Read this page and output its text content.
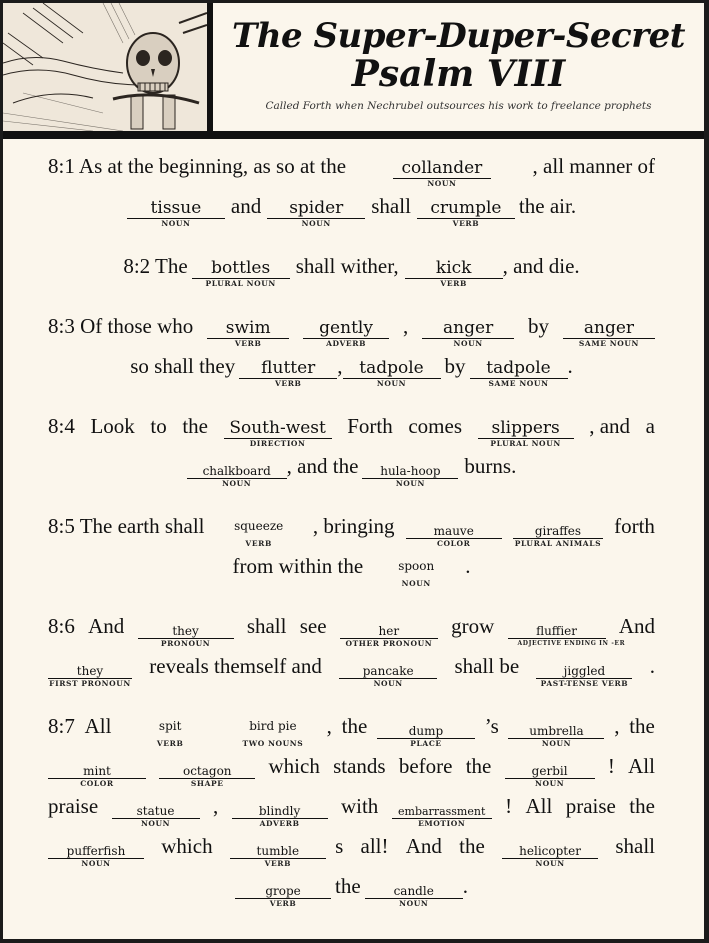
The Super-Duper-Secret
Psalm VIII
Called Forth when Nechrubel outsources his work to freelance prophets
8:1 As at the beginning, as so at the	collander
NOUN
, all manner of
tissue
NOUN
and	spider
NOUN
shall	crumple
VERB
the air.
8:2 The	bottles
PLURAL NOUN
shall wither,	kick
VERB
, and die.
8:3 Of those who	swim
VERB
gently
ADVERB
,	anger
NOUN
by	anger
SAME NOUN
so shall they	flutter
VERB
, tadpole
NOUN
by	tadpole
SAME NOUN
.
8:4 Look to the	South-west
DIRECTION
Forth comes	slippers
PLURAL NOUN
, and a
chalkboard
NOUN
, and the	hula-hoop
NOUN
burns.
8:5 The earth shall	squeeze
VERB
, bringing	mauve
COLOR
giraffes
PLURAL ANIMALS
forth
from within the	spoon
NOUN
.
8:6 And	they
PRONOUN
shall see	her
OTHER PRONOUN
grow	fluffier
ADJECTIVE ENDING IN -ER
And
they
FIRST PRONOUN
reveals themself and	pancake
NOUN
shall be	jiggled
PAST-TENSE VERB
.
8:7 All	spit
VERB
bird pie
TWO NOUNS
, the	dump
PLACE
’s	umbrella
NOUN
, the
mint
COLOR
octagon
SHAPE
which stands before the	gerbil
NOUN
! All
praise	statue
NOUN
,	blindly
ADVERB
with	embarrassment
EMOTION
! All praise the
pufferfish
NOUN
which	tumble
VERB
s all! And the	helicopter
NOUN
shall
grope
VERB
the	candle
NOUN
.
